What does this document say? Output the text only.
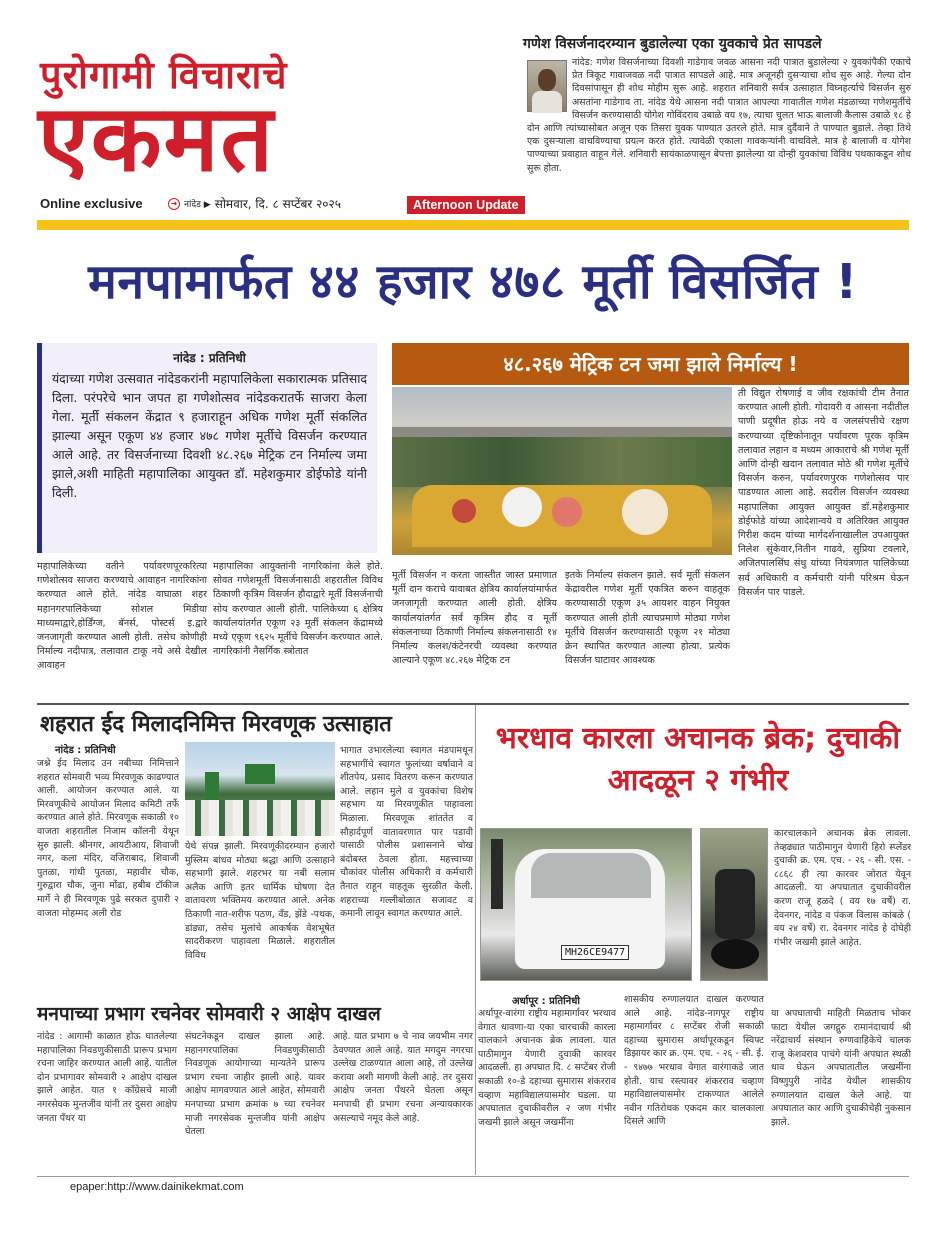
पुरोगामी विचाराचे
एकमत
Online exclusive	➜ नांदेड ▶ सोमवार, दि. ८ सप्टेंबर २०२५	Afternoon Update
गणेश विसर्जनादरम्यान बुडालेल्या एका युवकाचे प्रेत सापडले
नांदेड: गणेश विसर्जनाच्या दिवशी गाडेगाव जवळ आसना नदी पात्रात बुडालेल्या २ युवकांपैकी एकाचे प्रेत त्रिकूट गावाजवळ नदी पात्रात सापडले आहे. मात्र अजूनही दुसऱ्याचा शोध सुरु आहे. गेल्या दोन दिवसांपासून ही शोध मोहीम सुरू आहे. शहरात शनिवारी सर्वत्र उत्साहात विघ्नहर्त्याचे विसर्जन सुरु असतांना गाडेगाव ता. नांदेड येथे आसना नदी पात्रात आपल्या गावातील गणेश मंडळाच्या गणेशमुर्तीचे विसर्जन करण्यासाठी योगेश गोविंदराव उबाळे वय १७, त्याचा चुलत भाऊ बालाजी कैलास उबाळे १८ हे दोन आणि त्यांच्यासोबत अजून एक तिसरा युवक पाण्यात उतरले होते. मात्र दुर्दैवाने ते पाण्यात बुडाले. तेव्हा तिथे एक दुसऱ्याला वाचविण्याचा प्रयत्न करत होते. त्यावेळी एकाला गावकऱ्यांनी वाचविले. मात्र हे बालाजी व योगेश पाण्याच्या प्रवाहात वाहून गेले. शनिवारी सायंकाळपासून बेपत्ता झालेल्या या दोन्ही युवकांचा विविध पथकाकडून शोध सुरू होता.
मनपामार्फत ४४ हजार ४७८ मूर्ती विसर्जित !
नांदेड : प्रतिनिधी
यंदाच्या गणेश उत्सवात नांदेडकरांनी महापालिकेला सकारात्मक प्रतिसाद दिला. परंपरेचे भान जपत हा गणेशोत्सव नांदेडकरातर्फे साजरा केला गेला. मूर्ती संकलन केंद्रात ९ हजाराहून अधिक गणेश मूर्ती संकलित झाल्या असून एकूण ४४ हजार ४७८ गणेश मूर्तीचे विसर्जन करण्यात आले आहे. तर विसर्जनाच्या दिवशी ४८.२६७ मेट्रिक टन निर्माल्य जमा झाले,अशी माहिती महापालिका आयुक्त डॉ. महेशकुमार डोईफोडे यांनी दिली.
४८.२६७ मेट्रिक टन जमा झाले निर्माल्य !
ती विद्युत रोषणाई व जीव रक्षकांची टीम तैनात करण्यात आली होती. गोदावरी व आसना नदीतील पाणी प्रदूषीत होऊ नये व जलसंपत्तीचे रक्षण करण्याच्या दृष्टिकोनातून पर्यावरण पूरक कृत्रिम तलावात लहान व मध्यम आकाराचे श्री गणेश मूर्ती आणि दोन्ही खदान तलावात मोठे श्री गणेश मूर्तीचे विसर्जन करुन, पर्यावरणपुरक गणेशोत्सव पार पाडण्यात आला आहे. सदरील विसर्जन व्यवस्था महापालिका आयुक्त आयुक्त डॉ.महेशकुमार डोईफोडे यांच्या आदेशान्वये व अतिरिक्त आयुक्त गिरीश कदम यांच्या मार्गदर्शनाखालील उपआयुक्त निलेश सुंकेवार,नितीन गाढवे, सुप्रिया टवलारे, अजितपालसिंघ संधु यांच्या नियंत्रणात पालिकेच्या सर्व अधिकारी व कर्मचारी यांनी परिश्रम घेऊन विसर्जन पार पाडले.
महापालिकेच्या वतीने पर्यावरणपूरकरित्या गणेशोत्सव साजरा करण्याचे आवाहन नागरिकांना करण्यात आले होते. नांदेड वाघाळा शहर महानगरपालिकेच्या सोशल मिडीया माध्यमाद्वारे,होर्डिंग्ज, बॅनर्स, पोस्टर्स इ.द्वारे जनजागृती करण्यात आली होती. तसेच कोणीही निर्माल्य नदीपात्र, तलावात टाकू नये असे देखील आवाहन
महापालिका आयुक्तांनी नागरिकांना केले होते. सोवत गणेशमूर्ती विसर्जनासाठी शहरातील विविध ठिकाणी कृत्रिम विसर्जन हौदाद्वारे मूर्ती विसर्जनाची सोय करण्यात आली होती. पालिकेच्या ६ क्षेत्रिय कार्यालयांतर्गत एकूण २३ मूर्ती संकलन केंद्रामध्ये मध्ये एकूण ९६२५ मूर्तीचे विसर्जन करण्यात आले. नागरिकांनी नैसर्गिक स्त्रोतात
मूर्ती विसर्जन न करता जास्तीत जास्त प्रमाणात मूर्ती दान कराचे यावाबत क्षेत्रिय कार्यालयांमार्फत जनजागृती करण्यात आली होती. क्षेत्रिय कार्यालयांतर्गत सर्व कृत्रिम हौद व मूर्ती संकलनाच्या ठिकाणी निर्माल्य संकलनासाठी १४ निर्माल्य कलश/कंटेनरची व्यवस्था करण्यात आल्याने एकूण ४८.२६७ मेट्रिक टन
इतके निर्माल्य संकलन झाले. सर्व मूर्ती संकलन केंद्रावरील गणेश मूर्ती एकत्रित करुन वाहतूक करण्यासाठी एकूण ३५ आयशर वाहन नियुक्त करण्यात आली होती त्याचप्रमाणे मोठ्या गणेश मूर्तीचे विसर्जन करण्यासाठी एकूण २१ मोठ्या क्रेन स्थापित करण्यात आल्या होत्या. प्रत्येक विसर्जन घाटावर आवश्यक
शहरात ईद मिलादनिमित्त मिरवणूक उत्साहात
नांदेड : प्रतिनिधी
जश्ने ईद मिलाद उन नबीच्या निमित्ताने शहरात सोमवारी भव्य मिरवणूक काढण्यात आली. आयोजन करण्यात आले. या मिरवणूकीचे आयोजन मिलाद कमिटी तर्फे करण्यात आले होते. मिरवणूक सकाळी १० वाजता शहरातील निजाम कॉलनी येथून सुरु झाली. श्रीनगर, आयटीआय, शिवाजी नगर, कला मंदिर, वजिराबाद, शिवाजी पुतळा, गांधी पुतळा, महावीर चौक, गुरुद्वारा चौक, जुना मोंढा, हबीब टॉकीज मार्गे ने ही मिरवणूक पुढे सरकत दुपारी २ वाजता मोहम्मद अली रोड
येथे संपन्न झाली. मिरवणूकीदरम्यान हजारो मुस्लिम बांधव मोठ्या श्रद्धा आणि उत्साहाने सहभागी झाले. शहरभर या नबी सलाम अलैक आणि इतर धार्मिक घोषणा देत वातावरण भक्तिमय करण्यात आले. अनेक ठिकाणी नात-शरीफ पठण, वँड, झेंडे -पथक, डांड्या, तसेच मुलांचे आकर्षक वेशभूषेत सादरीकरण पाहावला मिळाले. शहरातील विविध
भागात उभारलेल्या स्वागत मंडपामधून सहभागींचे स्वागत फुलांच्या वर्षावाने व शीतपेय, प्रसाद वितरण करून करण्यात आले. लहान मुले व युवकांचा विशेष सहभाग या मिरवणूकीत पाहावला मिळाला. मिरवणूक शांततेत व सौहार्दपूर्ण वातावरणात पार पडावी यासाठी पोलीस प्रशासनाने चोख बंदोबस्त ठेवला होता. महत्त्वाच्या चौकांवर पोलीस अधिकारी व कर्मचारी तैनात राहून वाहतूक सुरळीत केली. शहराच्या गल्लीबोळात सजावट व कमानी लावून स्वागत करण्यात आले.
भरधाव कारला अचानक ब्रेक; दुचाकी आदळून २ गंभीर
MH26CE9477
कारचालकाने अचानक ब्रेक लावला. तेव्हढ्यात पाठीमागुन येणारी हिरो स्प्लेंडर दुचाकी क्र. एम. एच. - २६ - सी. एस. - ८८६८ ही त्या कारवर जोरात येवून आदळली. या अपघातात दुचाकीवरील करण राजू हळदे ( वय १७ वर्षे) रा. देवनगर, नांदेड व पंकज विलास कांबळे ( वय २४ वर्षे) रा. देवनगर नांदेड हे दोघेही गंभीर जखमी झाले आहेत.
अर्धापूर : प्रतिनिधी
अर्धापूर-वारंगा राष्ट्रीय महामार्गावर भरधाव वेगात धावणा-या एका चारचाकी कारला चालकाने अचानक ब्रेक लावला. यात पाठीमागुन येणारी दुचाकी कारवर आदळली. हा अपघात दि. ८ सप्टेंबर रोजी सकाळी १०-डे दहाच्या सुमारास शंकरराव चव्हाण महाविद्यालयासमोर घडला. या अपघातात दुचाकीवरील २ जण गंभीर जखमी झाले असून जखमींना
शासकीय रुग्णालयात दाखल करण्यात आले आहे. नांदेड-नागपूर राष्ट्रीय महामार्गावर ८ सप्टेंबर रोजी सकाळी दहाच्या सुमारास अर्धापूरकडून स्विफ्ट डिझायर कार क्र. एम. एच. - २६ - सी. ई. - ९४७७ भरधाव वेगात वारंगाकडे जात होती. याच रस्त्यावर शंकरराव चव्हाण महाविद्यालयासमोर टाकण्यात आलेले नवीन गतिरोधक एकदम कार चालकाला दिसले आणि
या अपघाताची माहिती मिळताच भोकर फाटा येथील जगद्गुरु रामानंदाचार्य श्री नरेंद्राचार्य संस्थान रुग्णवाहिकेचे चालक राजू केशवराव पाचंगे यांनी अपघात स्थळी धाव घेऊन अपघातातील जखमींना विष्णुपुरी नांदेड येथील शासकीय रुग्णालयात दाखल केले आहे. या अपघातात कार आणि दुचाकीचेही नुकसान झाले.
मनपाच्या प्रभाग रचनेवर सोमवारी २ आक्षेप दाखल
नांदेड : आगामी काळात होऊ घातलेल्या महापालिका निवडणुकीसाठी प्रारूप प्रभाग रचना जाहिर करण्यात आली आहे. यातील दोन प्रभागावर सोमवारी २ आक्षेप दाखल झाले आहेत. यात १ काँग्रेसचे माजी नगरसेवक मुन्तजीव यांनी तर दुसरा आक्षेप जनता पँथर या
संघटनेकडून दाखल झाला आहे. महानगरपालिका निवडणुकीसाठी निवडणूक आयोगाच्या मान्यतेने प्रारूप प्रभाग रचना जाहीर झाली आहे. यावर आक्षेप मागवण्यात आले आहेत, सोमवारी मनपाच्या प्रभाग क्रमांक ७ च्या रचनेवर माजी नगरसेवक मुन्तजीव यांनी आक्षेप घेतला
आहे. यात प्रभाग ७ चे नाव जयभीम नगर ठेवण्यात आले आहे. यात मगदुम नगरचा उल्लेख टाळण्यात आला आहे, तो उल्लेख करावा अशी मागणी केली आहे. तर दुसरा आक्षेप जनता पँथरने घेतला असून मनपाची ही प्रभाग रचना अन्यायकारक असल्याचे नमूद केले आहे.
epaper:http://www.dainikekmat.com
